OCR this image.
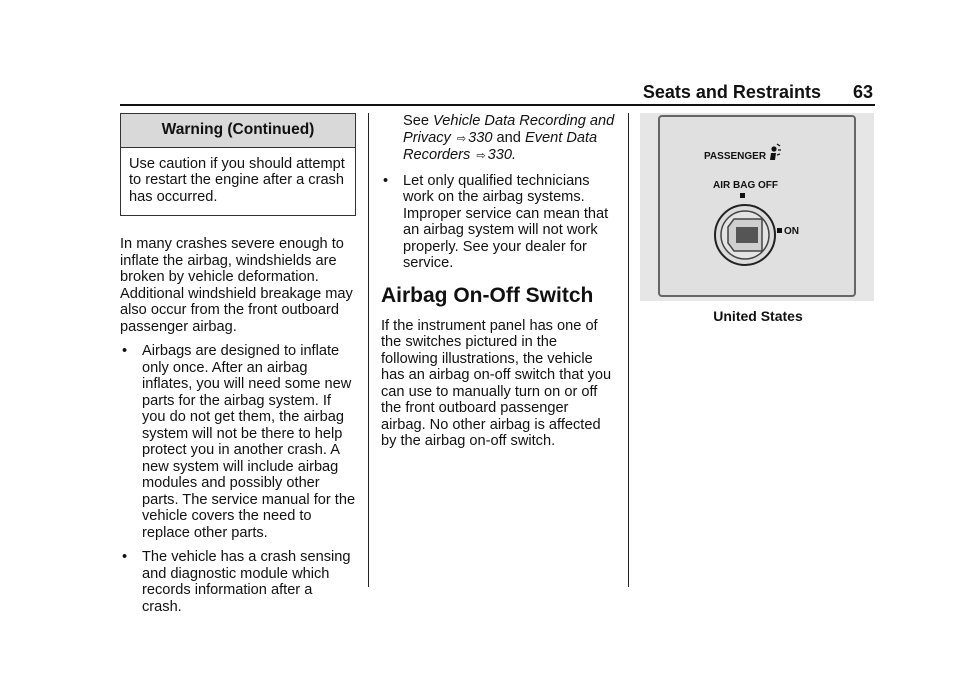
Seats and Restraints 63
Warning (Continued)
Use caution if you should attempt to restart the engine after a crash has occurred.

In many crashes severe enough to inflate the airbag, windshields are broken by vehicle deformation. Additional windshield breakage may also occur from the front outboard passenger airbag.

• Airbags are designed to inflate only once. After an airbag inflates, you will need some new parts for the airbag system. If you do not get them, the airbag system will not be there to help protect you in another crash. A new system will include airbag modules and possibly other parts. The service manual for the vehicle covers the need to replace other parts.
• The vehicle has a crash sensing and diagnostic module which records information after a crash.
See Vehicle Data Recording and Privacy ⇨ 330 and Event Data Recorders ⇨ 330.
• Let only qualified technicians work on the airbag systems. Improper service can mean that an airbag system will not work properly. See your dealer for service.
Airbag On-Off Switch

If the instrument panel has one of the switches pictured in the following illustrations, the vehicle has an airbag on-off switch that you can use to manually turn on or off the front outboard passenger airbag. No other airbag is affected by the airbag on-off switch.

PASSENGER
AIR BAG OFF
ON
United States
